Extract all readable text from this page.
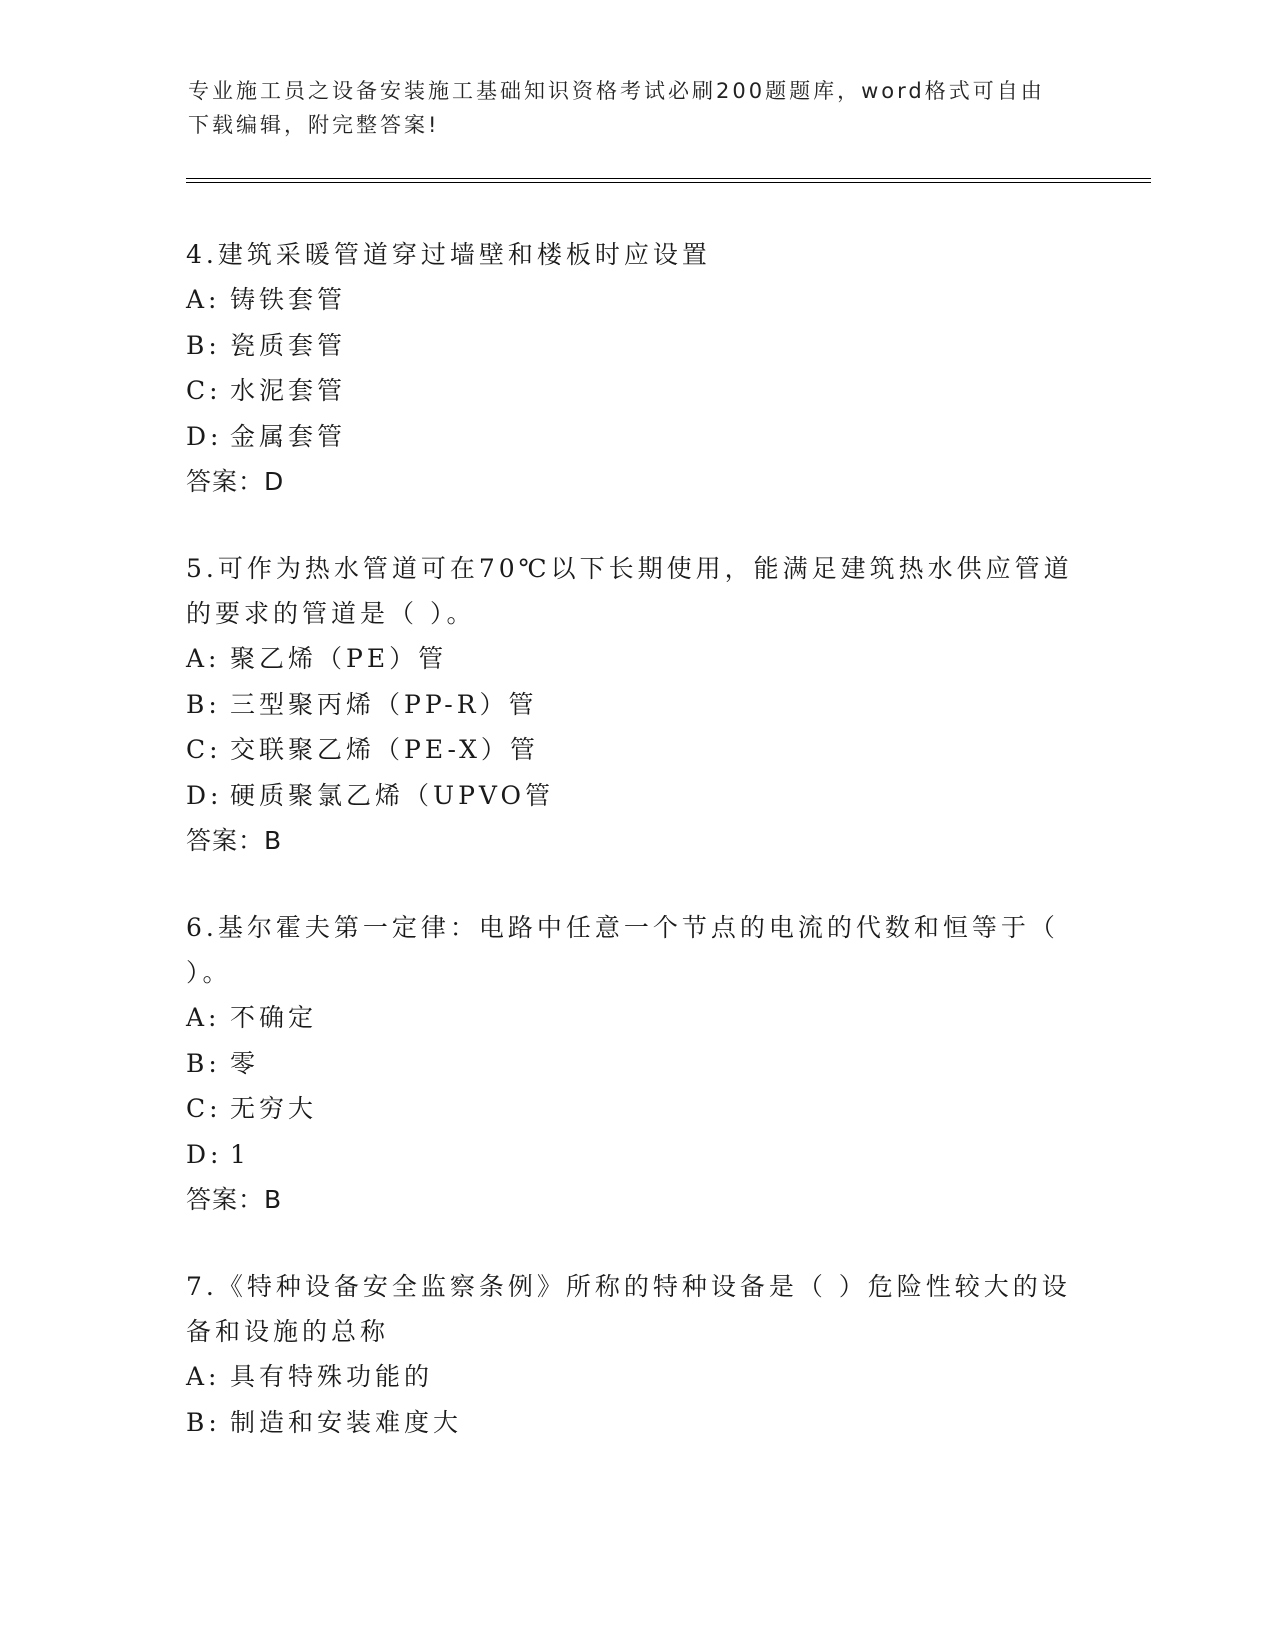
专业施工员之设备安装施工基础知识资格考试必刷200题题库，word格式可自由下载编辑，附完整答案!

4.建筑采暖管道穿过墙壁和楼板时应设置

A: 铸铁套管
B: 瓷质套管
C: 水泥套管
D: 金属套管
答案：D

5.可作为热水管道可在70℃以下长期使用，能满足建筑热水供应管道的要求的管道是（ ）。

A: 聚乙烯（PE）管
B: 三型聚丙烯（PP-R）管
C: 交联聚乙烯（PE-X）管
D: 硬质聚氯乙烯（UPVO管
答案：B

6.基尔霍夫第一定律：电路中任意一个节点的电流的代数和恒等于（ ）。

A: 不确定
B: 零
C: 无穷大
D: 1
答案：B

7.《特种设备安全监察条例》所称的特种设备是（ ）危险性较大的设备和设施的总称

A: 具有特殊功能的
B: 制造和安装难度大
